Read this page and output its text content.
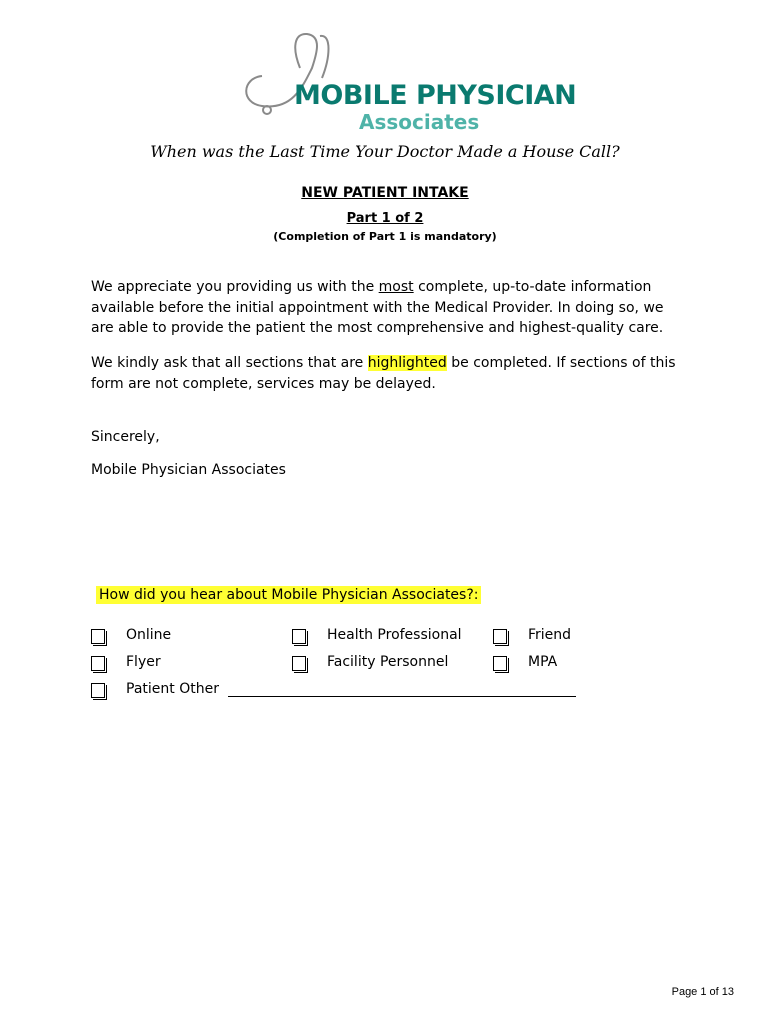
MOBILE PHYSICIAN
Associates
When was the Last Time Your Doctor Made a House Call?
NEW PATIENT INTAKE
Part 1 of 2
(Completion of Part 1 is mandatory)
We appreciate you providing us with the most complete, up-to-date information available before the initial appointment with the Medical Provider. In doing so, we are able to provide the patient the most comprehensive and highest-quality care.
We kindly ask that all sections that are highlighted be completed. If sections of this form are not complete, services may be delayed.
Sincerely,
Mobile Physician Associates
How did you hear about Mobile Physician Associates?:
Online	Health Professional	Friend
Flyer	Facility Personnel	MPA
Patient Other
Page 1 of 13
